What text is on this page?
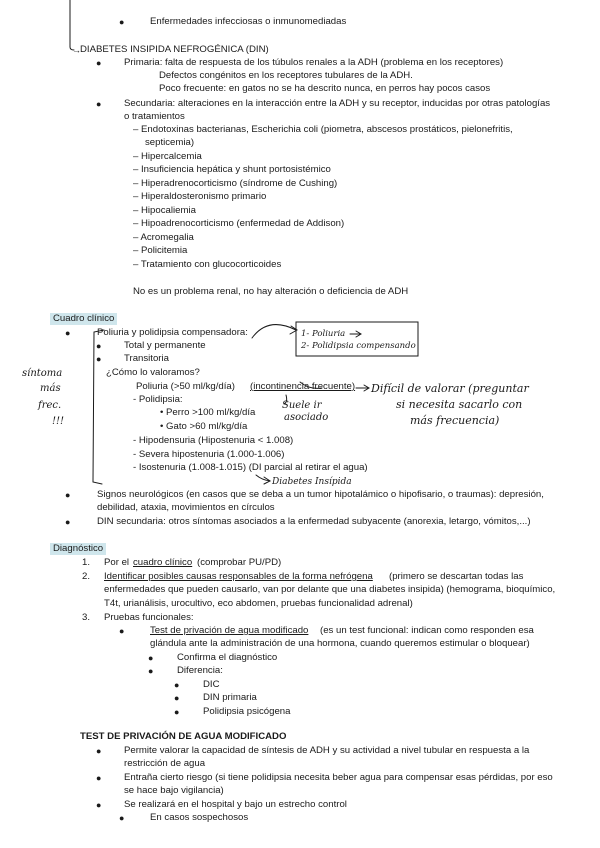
●	Enfermedades infecciosas o inmunomediadas
→ DIABETES INSIPIDA NEFROGÉNICA (DIN)
● Primaria: falta de respuesta de los túbulos renales a la ADH (problema en los receptores)
Defectos congénitos en los receptores tubulares de la ADH.
Poco frecuente: en gatos no se ha descrito nunca, en perros hay pocos casos
● Secundaria: alteraciones en la interacción entre la ADH y su receptor, inducidas por otras patologías
o tratamientos
– Endotoxinas bacterianas, Escherichia coli (piometra, abscesos prostáticos, pielonefritis,
septicemia)
– Hipercalcemia
– Insuficiencia hepática y shunt portosistémico
– Hiperadrenocorticismo (síndrome de Cushing)
– Hiperaldosteronismo primario
– Hipocaliemia
– Hipoadrenocorticismo (enfermedad de Addison)
– Acromegalia
– Policitemia
– Tratamiento con glucocorticoides
No es un problema renal, no hay alteración o deficiencia de ADH
Cuadro clínico
●	Poliuria y polidipsia compensadora:
● Total y permanente
● Transitoria
¿Cómo lo valoramos?
Poliuria (>50 ml/kg/día) (incontinencia frecuente)
- Polidipsia:
• Perro >100 ml/kg/día
• Gato >60 ml/kg/día
- Hipodensuria (Hipostenuria < 1.008)
- Severa hipostenuria (1.000-1.006)
- Isostenuria (1.008-1.015) (DI parcial al retirar el agua)
●	Signos neurológicos (en casos que se deba a un tumor hipotalámico o hipofisario, o traumas): depresión,
debilidad, ataxia, movimientos en círculos
●	DIN secundaria: otros síntomas asociados a la enfermedad subyacente (anorexia, letargo, vómitos,...)
Diagnóstico
1. Por el cuadro clínico (comprobar PU/PD)
2. Identificar posibles causas responsables de la forma nefrógena (primero se descartan todas las
enfermedades que pueden causarlo, van por delante que una diabetes insipida) (hemograma, bioquímico,
T4t, urianálisis, urocultivo, eco abdomen, pruebas funcionalidad adrenal)
3. Pruebas funcionales:
●	Test de privación de agua modificado (es un test funcional: indican como responden esa
glándula ante la administración de una hormona, cuando queremos estimular o bloquear)
● Confirma el diagnóstico
● Diferencia:
● DIC
● DIN primaria
● Polidipsia psicógena
TEST DE PRIVACIÓN DE AGUA MODIFICADO
● Permite valorar la capacidad de síntesis de ADH y su actividad a nivel tubular en respuesta a la
restricción de agua
● Entraña cierto riesgo (si tiene polidipsia necesita beber agua para compensar esas pérdidas, por eso
se hace bajo vigilancia)
● Se realizará en el hospital y bajo un estrecho control
●	En casos sospechosos
1- Poliuria
2- Polidipsia compensando
síntoma
más
frec.
!!!
Suele ir
asociado
Difícil de valorar (preguntar
si necesita sacarlo con
más frecuencia)
Diabetes Insípida
